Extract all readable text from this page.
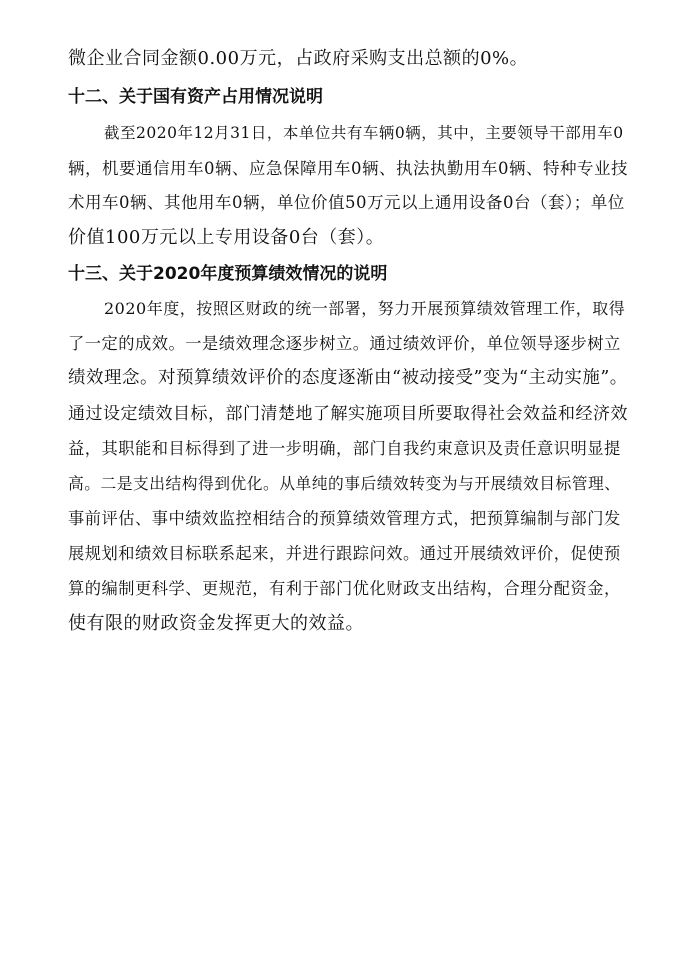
微企业合同金额0.00万元，占政府采购支出总额的0%。
十二、关于国有资产占用情况说明
截至2020年12月31日，本单位共有车辆0辆，其中，主要领导干部用车0
辆，机要通信用车0辆、应急保障用车0辆、执法执勤用车0辆、特种专业技
术用车0辆、其他用车0辆，单位价值50万元以上通用设备0台（套）；单位
价值100万元以上专用设备0台（套）。
十三、关于2020年度预算绩效情况的说明
2020年度，按照区财政的统一部署，努力开展预算绩效管理工作，取得
了一定的成效。一是绩效理念逐步树立。通过绩效评价，单位领导逐步树立
绩效理念。对预算绩效评价的态度逐渐由“被动接受”变为“主动实施”。
通过设定绩效目标，部门清楚地了解实施项目所要取得社会效益和经济效
益，其职能和目标得到了进一步明确，部门自我约束意识及责任意识明显提
高。二是支出结构得到优化。从单纯的事后绩效转变为与开展绩效目标管理、
事前评估、事中绩效监控相结合的预算绩效管理方式，把预算编制与部门发
展规划和绩效目标联系起来，并进行跟踪问效。通过开展绩效评价，促使预
算的编制更科学、更规范，有利于部门优化财政支出结构，合理分配资金，
使有限的财政资金发挥更大的效益。
